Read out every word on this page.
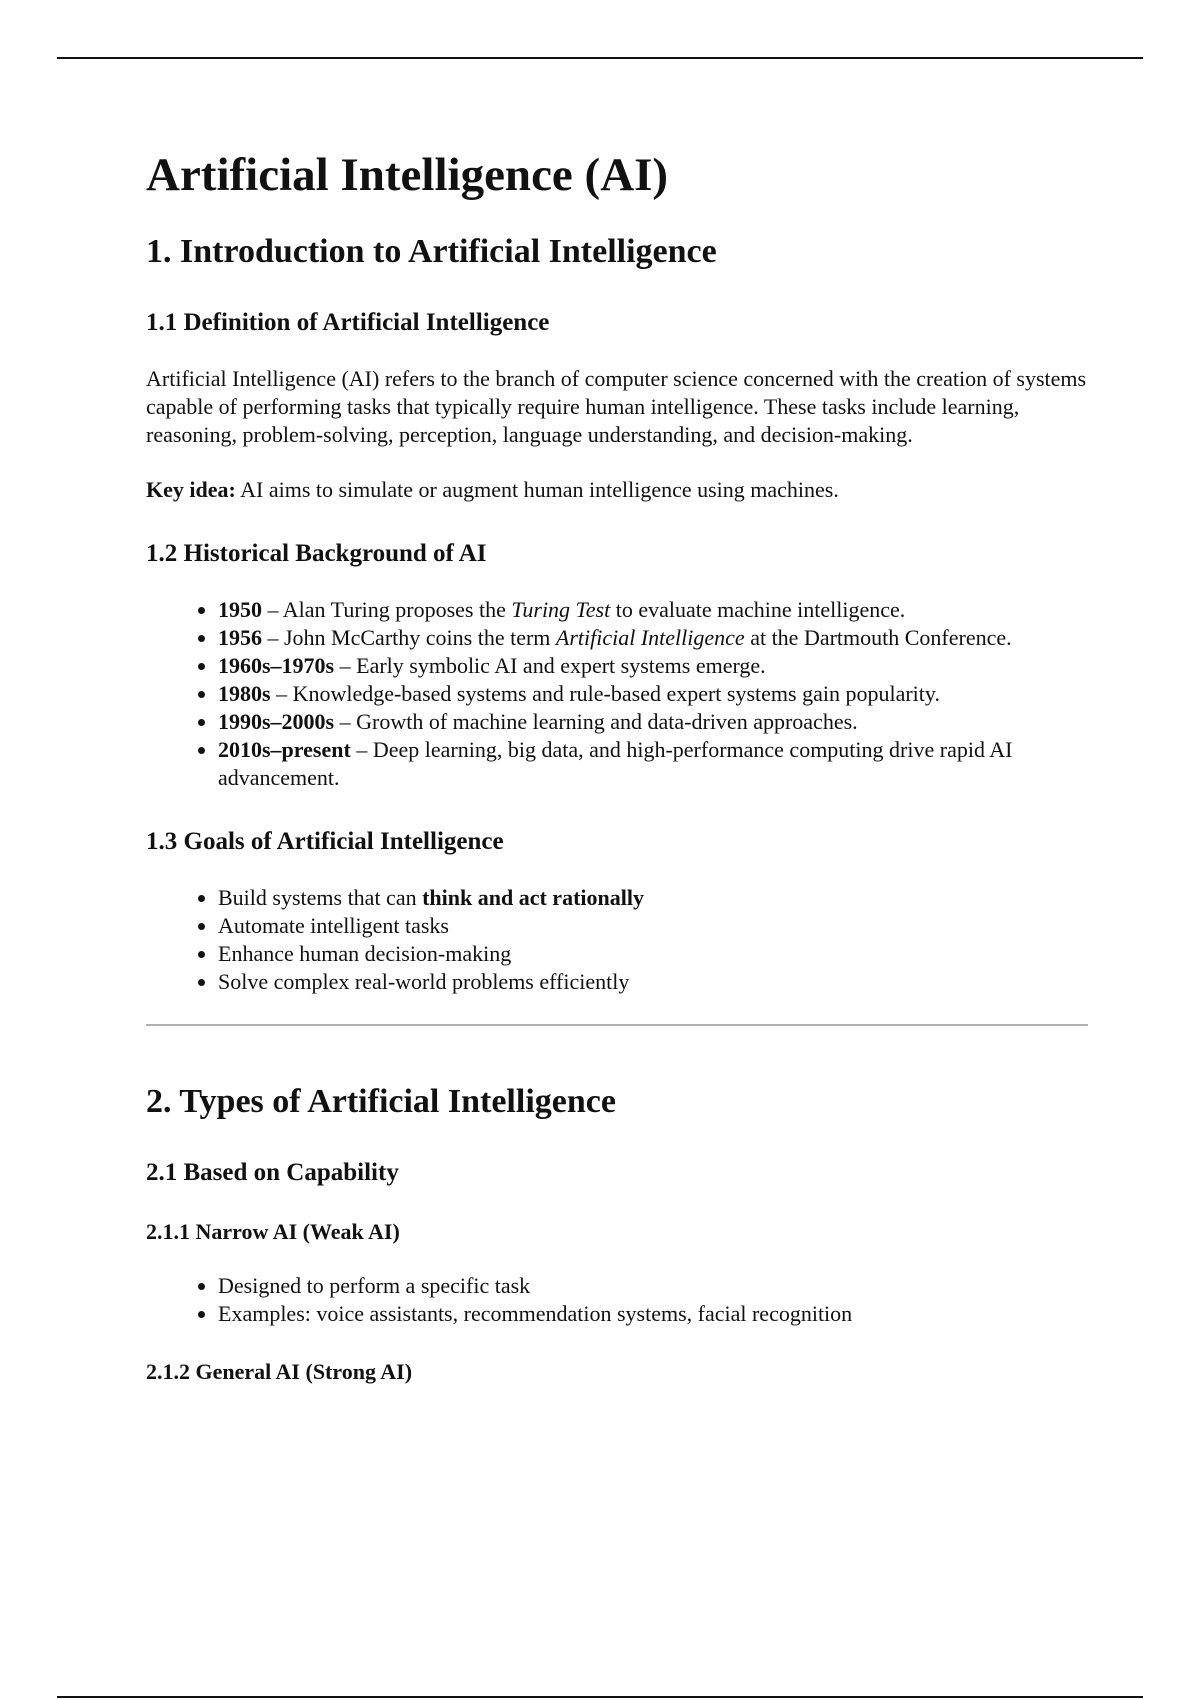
Artificial Intelligence (AI)
1. Introduction to Artificial Intelligence
1.1 Definition of Artificial Intelligence

Artificial Intelligence (AI) refers to the branch of computer science concerned with the creation of systems capable of performing tasks that typically require human intelligence. These tasks include learning, reasoning, problem-solving, perception, language understanding, and decision-making.

Key idea: AI aims to simulate or augment human intelligence using machines.

1.2 Historical Background of AI
• 1950 – Alan Turing proposes the Turing Test to evaluate machine intelligence.
• 1956 – John McCarthy coins the term Artificial Intelligence at the Dartmouth Conference.
• 1960s–1970s – Early symbolic AI and expert systems emerge.
• 1980s – Knowledge-based systems and rule-based expert systems gain popularity.
• 1990s–2000s – Growth of machine learning and data-driven approaches.
• 2010s–present – Deep learning, big data, and high-performance computing drive rapid AI advancement.
1.3 Goals of Artificial Intelligence
• Build systems that can think and act rationally
• Automate intelligent tasks
• Enhance human decision-making
• Solve complex real-world problems efficiently
2. Types of Artificial Intelligence
2.1 Based on Capability
2.1.1 Narrow AI (Weak AI)
• Designed to perform a specific task
• Examples: voice assistants, recommendation systems, facial recognition
2.1.2 General AI (Strong AI)
